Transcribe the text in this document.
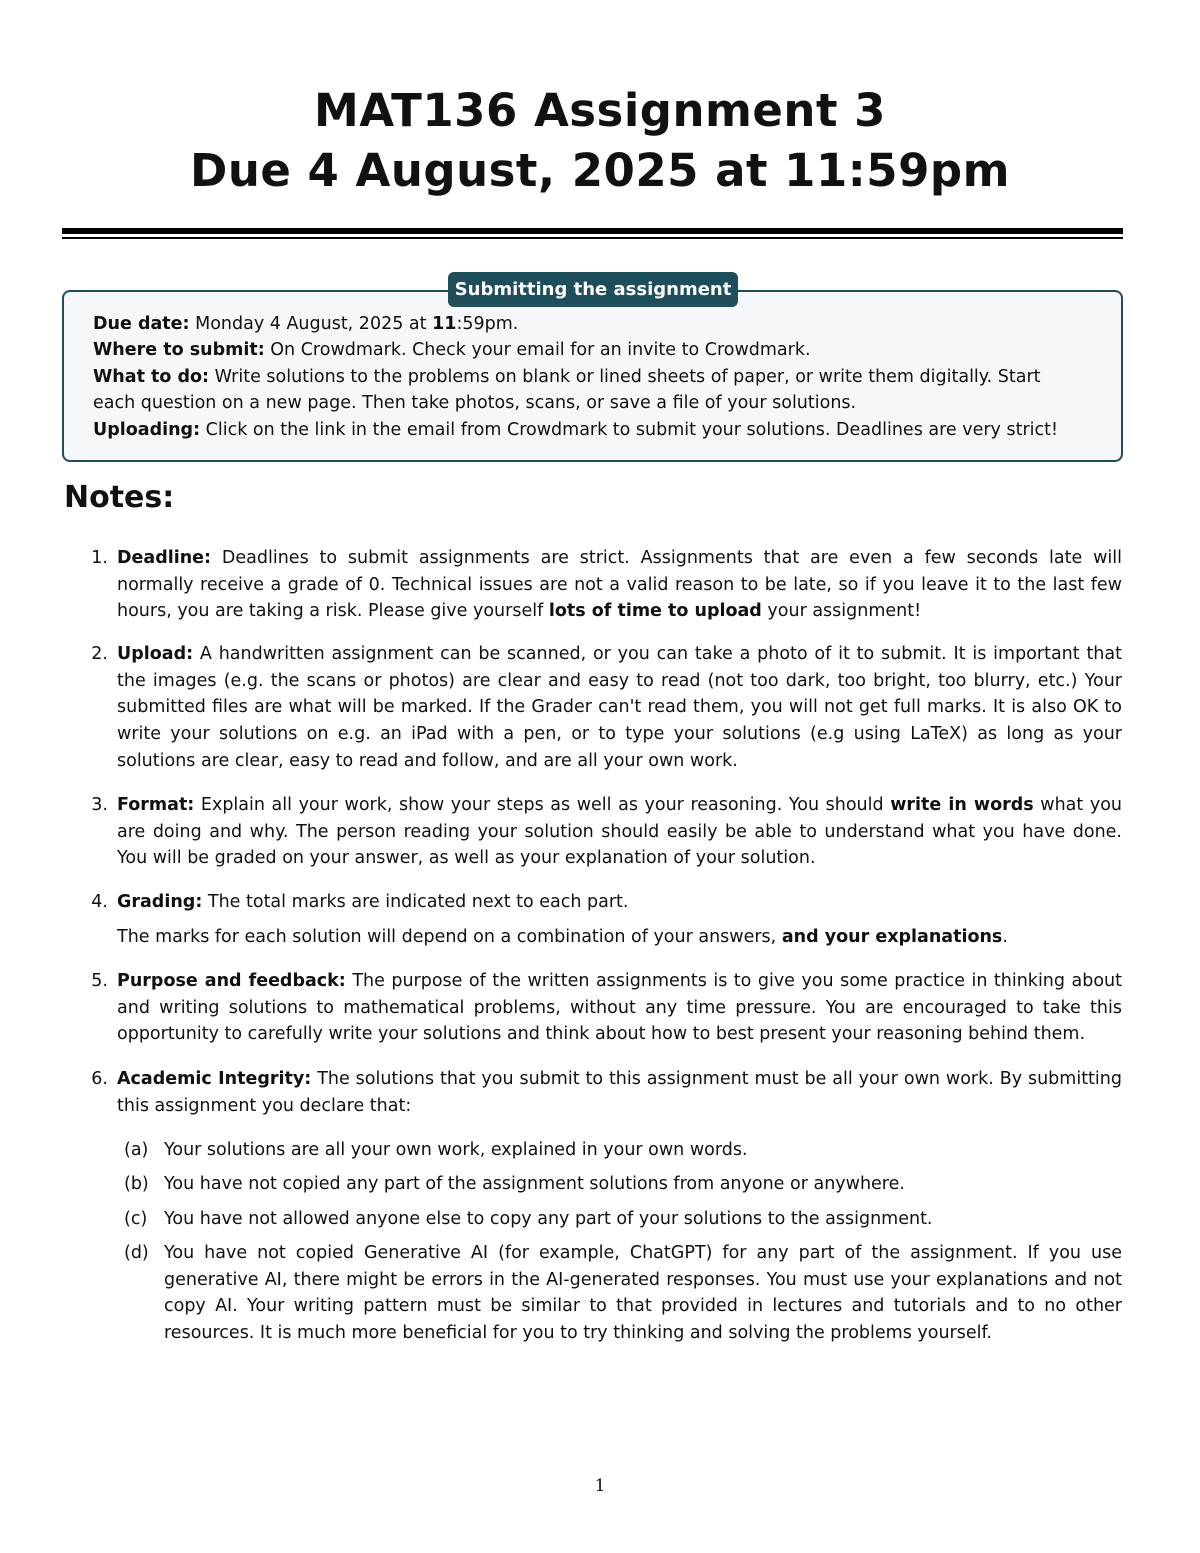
MAT136 Assignment 3
Due 4 August, 2025 at 11:59pm
Submitting the assignment
Due date: Monday 4 August, 2025 at 11:59pm.
Where to submit: On Crowdmark. Check your email for an invite to Crowdmark.
What to do: Write solutions to the problems on blank or lined sheets of paper, or write them digitally. Start
each question on a new page. Then take photos, scans, or save a file of your solutions.
Uploading: Click on the link in the email from Crowdmark to submit your solutions. Deadlines are very strict!
Notes:
1. Deadline: Deadlines to submit assignments are strict. Assignments that are even a few seconds late will normally receive a grade of 0. Technical issues are not a valid reason to be late, so if you leave it to the last few hours, you are taking a risk. Please give yourself lots of time to upload your assignment!

2. Upload: A handwritten assignment can be scanned, or you can take a photo of it to submit. It is important that the images (e.g. the scans or photos) are clear and easy to read (not too dark, too bright, too blurry, etc.) Your submitted files are what will be marked. If the Grader can't read them, you will not get full marks. It is also OK to write your solutions on e.g. an iPad with a pen, or to type your solutions (e.g using LaTeX) as long as your solutions are clear, easy to read and follow, and are all your own work.

3. Format: Explain all your work, show your steps as well as your reasoning. You should write in words what you are doing and why. The person reading your solution should easily be able to understand what you have done. You will be graded on your answer, as well as your explanation of your solution.

4. Grading: The total marks are indicated next to each part.

The marks for each solution will depend on a combination of your answers, and your explanations.

5. Purpose and feedback: The purpose of the written assignments is to give you some practice in thinking about and writing solutions to mathematical problems, without any time pressure. You are encouraged to take this opportunity to carefully write your solutions and think about how to best present your reasoning behind them.

6. Academic Integrity: The solutions that you submit to this assignment must be all your own work. By submitting this assignment you declare that:

(a) Your solutions are all your own work, explained in your own words.

(b) You have not copied any part of the assignment solutions from anyone or anywhere.

(c) You have not allowed anyone else to copy any part of your solutions to the assignment.

(d) You have not copied Generative AI (for example, ChatGPT) for any part of the assignment. If you use generative AI, there might be errors in the AI-generated responses. You must use your explanations and not copy AI. Your writing pattern must be similar to that provided in lectures and tutorials and to no other resources. It is much more beneficial for you to try thinking and solving the problems yourself.

1
